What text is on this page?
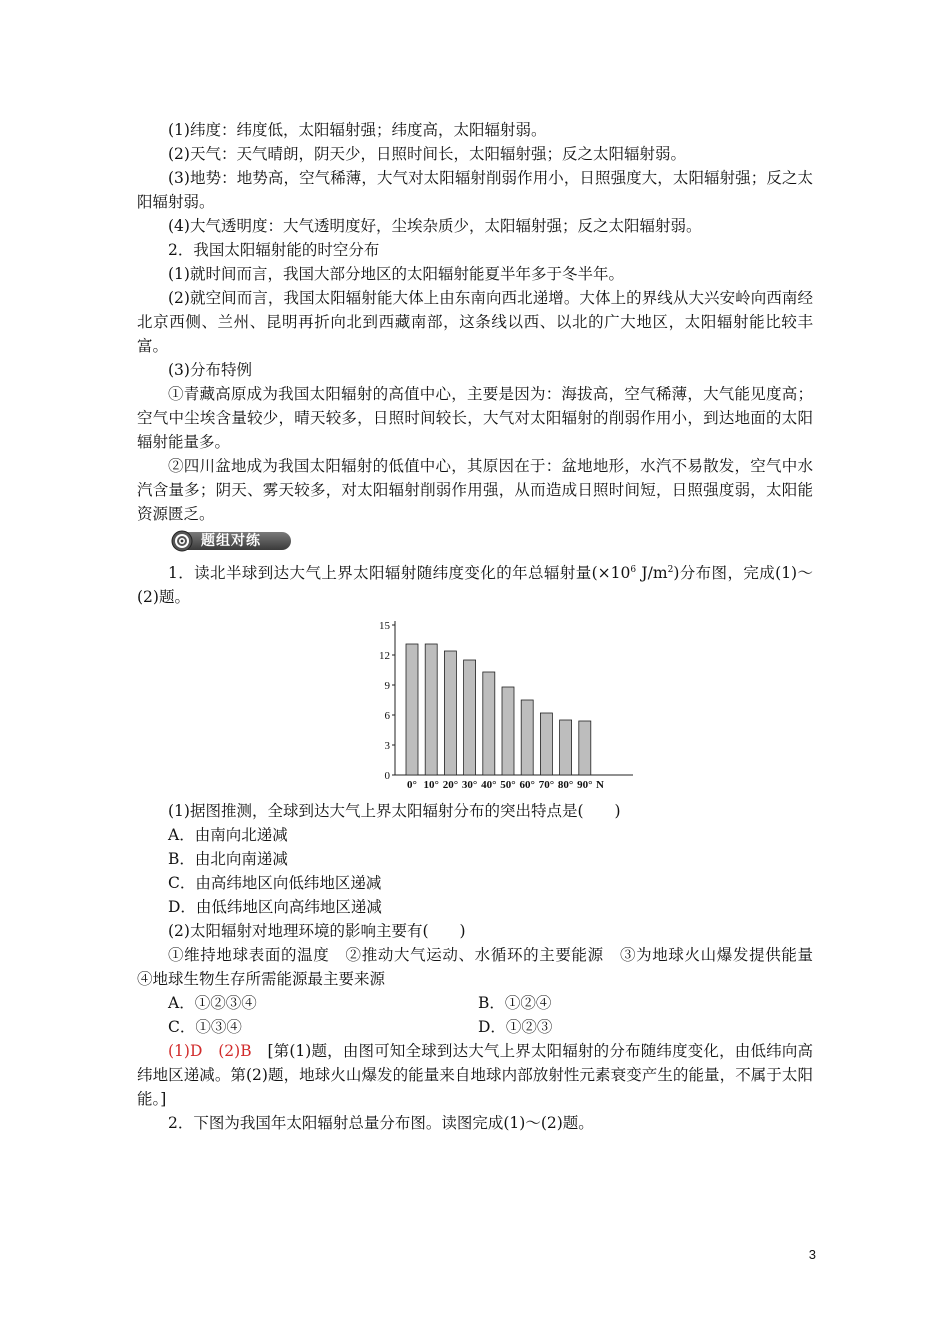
(1)纬度：纬度低，太阳辐射强；纬度高，太阳辐射弱。

(2)天气：天气晴朗，阴天少，日照时间长，太阳辐射强；反之太阳辐射弱。

(3)地势：地势高，空气稀薄，大气对太阳辐射削弱作用小，日照强度大，太阳辐射强；反之太阳辐射弱。

(4)大气透明度：大气透明度好，尘埃杂质少，太阳辐射强；反之太阳辐射弱。

2．我国太阳辐射能的时空分布

(1)就时间而言，我国大部分地区的太阳辐射能夏半年多于冬半年。

(2)就空间而言，我国太阳辐射能大体上由东南向西北递增。大体上的界线从大兴安岭向西南经北京西侧、兰州、昆明再折向北到西藏南部，这条线以西、以北的广大地区，太阳辐射能比较丰富。

(3)分布特例

①青藏高原成为我国太阳辐射的高值中心，主要是因为：海拔高，空气稀薄，大气能见度高；空气中尘埃含量较少，晴天较多，日照时间较长，大气对太阳辐射的削弱作用小，到达地面的太阳辐射能量多。

②四川盆地成为我国太阳辐射的低值中心，其原因在于：盆地地形，水汽不易散发，空气中水汽含量多；阴天、雾天较多，对太阳辐射削弱作用强，从而造成日照时间短，日照强度弱，太阳能资源匮乏。

题组对练

1．读北半球到达大气上界太阳辐射随纬度变化的年总辐射量($\times 10^6$ $J/m^2$)分布图，完成(1)～(2)题。

0
3
6
9
12
15
0° 10° 20° 30° 40° 50° 60° 70° 80° 90° N

(1)据图推测，全球到达大气上界太阳辐射分布的突出特点是(　　)

A．由南向北递减

B．由北向南递减

C．由高纬地区向低纬地区递减

D．由低纬地区向高纬地区递减

(2)太阳辐射对地理环境的影响主要有(　　)

①维持地球表面的温度　②推动大气运动、水循环的主要能源　③为地球火山爆发提供能量　④地球生物生存所需能源最主要来源

A．①②③④	B．①②④

C．①③④	D．①②③

(1)D　(2)B　[第(1)题，由图可知全球到达大气上界太阳辐射的分布随纬度变化，由低纬向高纬地区递减。第(2)题，地球火山爆发的能量来自地球内部放射性元素衰变产生的能量，不属于太阳能。]

2．下图为我国年太阳辐射总量分布图。读图完成(1)～(2)题。

3
